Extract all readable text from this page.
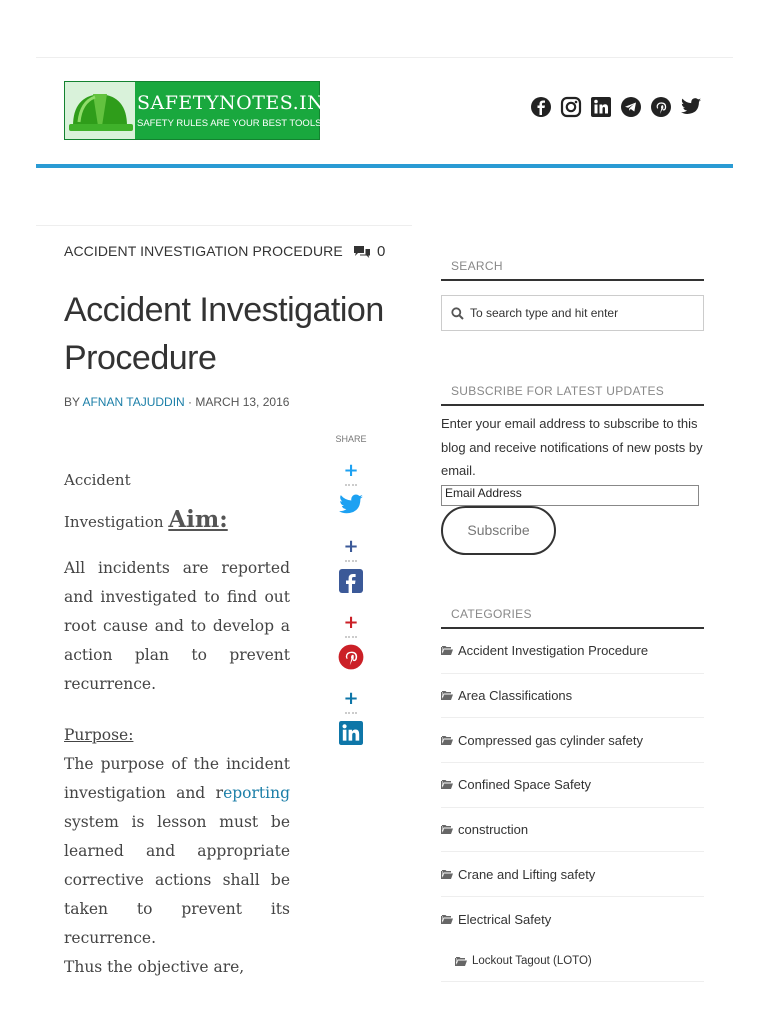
SAFETYNOTES.IN
SAFETY RULES ARE YOUR BEST TOOLS
ACCIDENT INVESTIGATION PROCEDURE 0
Accident Investigation Procedure
BY AFNAN TAJUDDIN · MARCH 13, 2016
SHARE
+
+
+
+
Accident
Investigation Aim:

All incidents are reported and investigated to find out root cause and to develop a action plan to prevent recurrence.

Purpose:

The purpose of the incident investigation and reporting system is lesson must be learned and appropriate corrective actions shall be taken to prevent its recurrence.

Thus the objective are,

SEARCH
To search type and hit enter
SUBSCRIBE FOR LATEST UPDATES

Enter your email address to subscribe to this blog and receive notifications of new posts by email.

Email Address
Subscribe
CATEGORIES
Accident Investigation Procedure
Area Classifications
Compressed gas cylinder safety
Confined Space Safety
construction
Crane and Lifting safety
Electrical Safety
Lockout Tagout (LOTO)
